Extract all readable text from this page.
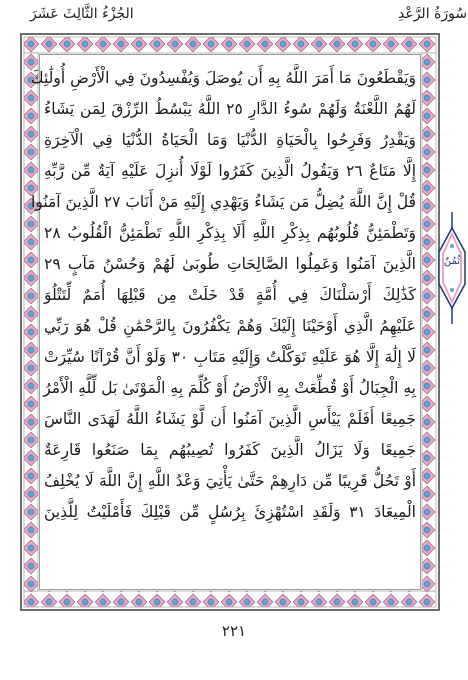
سُورَةُ الرَّعْدِ
الجُزْءُ الثَّالِثَ عَشَرَ
وَيَقْطَعُونَ مَا أَمَرَ اللَّهُ بِهِ أَن يُوصَلَ وَيُفْسِدُونَ فِي الْأَرْضِ أُولَٰئِكَ
لَهُمُ اللَّعْنَةُ وَلَهُمْ سُوءُ الدَّارِ ٢٥ اللَّهُ يَبْسُطُ الرِّزْقَ لِمَن يَشَاءُ
وَيَقْدِرُ وَفَرِحُوا بِالْحَيَاةِ الدُّنْيَا وَمَا الْحَيَاةُ الدُّنْيَا فِي الْآخِرَةِ
إِلَّا مَتَاعٌ ٢٦ وَيَقُولُ الَّذِينَ كَفَرُوا لَوْلَا أُنزِلَ عَلَيْهِ آيَةٌ مِّن رَّبِّهِ
قُلْ إِنَّ اللَّهَ يُضِلُّ مَن يَشَاءُ وَيَهْدِي إِلَيْهِ مَنْ أَنَابَ ٢٧ الَّذِينَ آمَنُوا
وَتَطْمَئِنُّ قُلُوبُهُم بِذِكْرِ اللَّهِ أَلَا بِذِكْرِ اللَّهِ تَطْمَئِنُّ الْقُلُوبُ ٢٨
الَّذِينَ آمَنُوا وَعَمِلُوا الصَّالِحَاتِ طُوبَىٰ لَهُمْ وَحُسْنُ مَآبٍ ٢٩
كَذَٰلِكَ أَرْسَلْنَاكَ فِي أُمَّةٍ قَدْ خَلَتْ مِن قَبْلِهَا أُمَمٌ لِّتَتْلُوَ
عَلَيْهِمُ الَّذِي أَوْحَيْنَا إِلَيْكَ وَهُمْ يَكْفُرُونَ بِالرَّحْمَٰنِ قُلْ هُوَ رَبِّي
لَا إِلَٰهَ إِلَّا هُوَ عَلَيْهِ تَوَكَّلْتُ وَإِلَيْهِ مَتَابِ ٣٠ وَلَوْ أَنَّ قُرْآنًا سُيِّرَتْ
بِهِ الْجِبَالُ أَوْ قُطِّعَتْ بِهِ الْأَرْضُ أَوْ كُلِّمَ بِهِ الْمَوْتَىٰ بَل لِّلَّهِ الْأَمْرُ
جَمِيعًا أَفَلَمْ يَيْأَسِ الَّذِينَ آمَنُوا أَن لَّوْ يَشَاءُ اللَّهُ لَهَدَى النَّاسَ
جَمِيعًا وَلَا يَزَالُ الَّذِينَ كَفَرُوا تُصِيبُهُم بِمَا صَنَعُوا قَارِعَةٌ
أَوْ تَحُلُّ قَرِيبًا مِّن دَارِهِمْ حَتَّىٰ يَأْتِيَ وَعْدُ اللَّهِ إِنَّ اللَّهَ لَا يُخْلِفُ
الْمِيعَادَ ٣١ وَلَقَدِ اسْتُهْزِئَ بِرُسُلٍ مِّن قَبْلِكَ فَأَمْلَيْتُ لِلَّذِينَ
ثُمُنٌ
٢٢١
